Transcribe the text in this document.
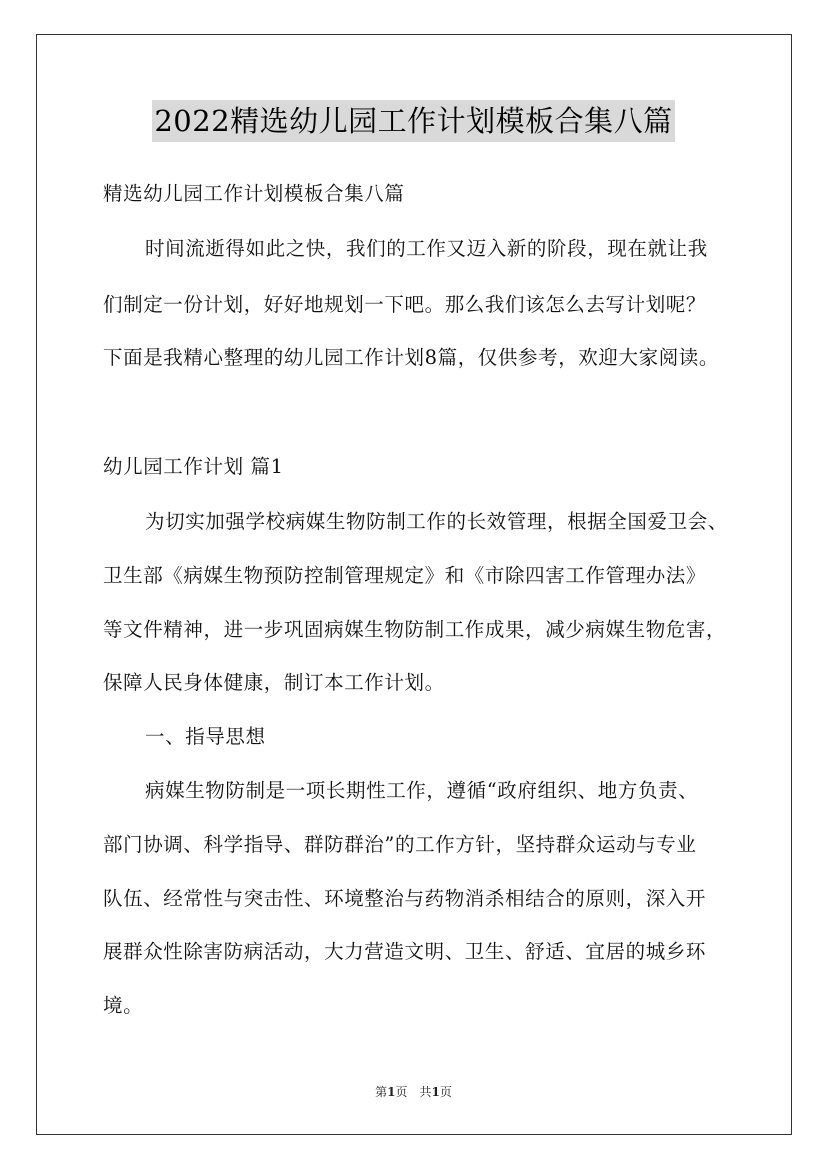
2022精选幼儿园工作计划模板合集八篇
精选幼儿园工作计划模板合集八篇
时间流逝得如此之快，我们的工作又迈入新的阶段，现在就让我
们制定一份计划，好好地规划一下吧。那么我们该怎么去写计划呢？
下面是我精心整理的幼儿园工作计划8篇，仅供参考，欢迎大家阅读。
幼儿园工作计划 篇1
为切实加强学校病媒生物防制工作的长效管理，根据全国爱卫会、
卫生部《病媒生物预防控制管理规定》和《市除四害工作管理办法》
等文件精神，进一步巩固病媒生物防制工作成果，减少病媒生物危害，
保障人民身体健康，制订本工作计划。
一、指导思想
病媒生物防制是一项长期性工作，遵循“政府组织、地方负责、
部门协调、科学指导、群防群治”的工作方针，坚持群众运动与专业
队伍、经常性与突击性、环境整治与药物消杀相结合的原则，深入开
展群众性除害防病活动，大力营造文明、卫生、舒适、宜居的城乡环
境。
第1页　共1页
